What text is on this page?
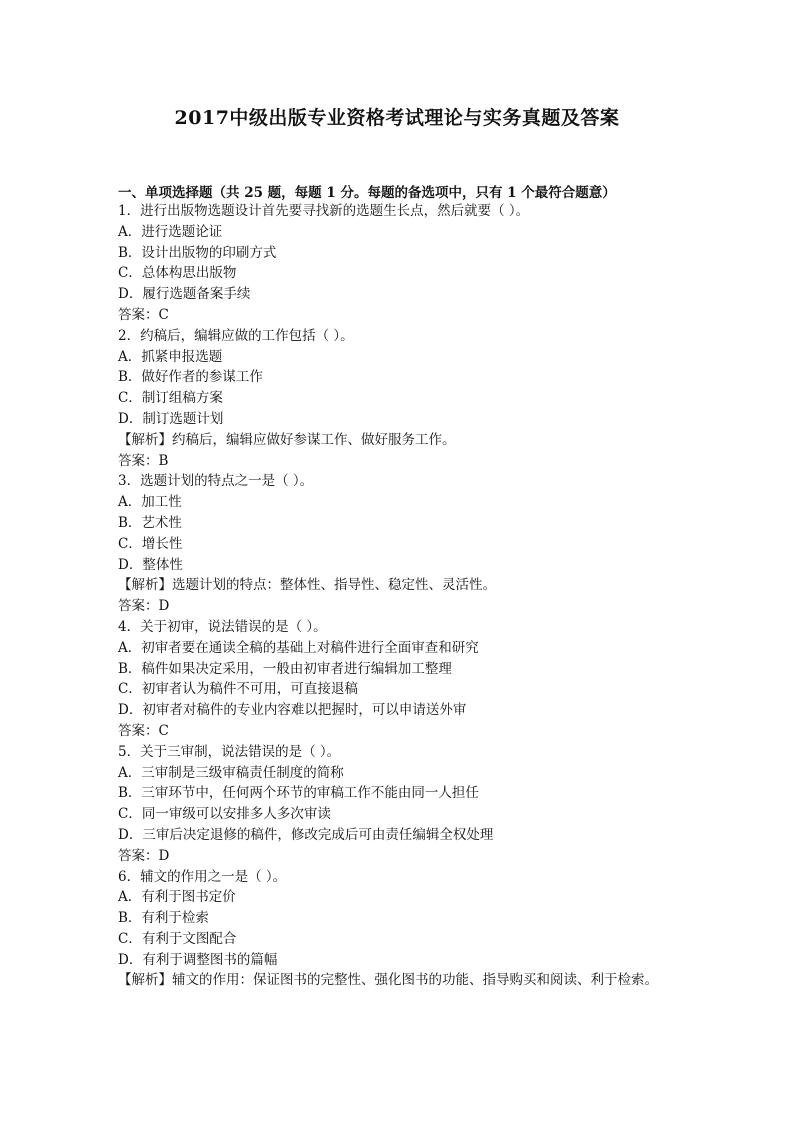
2017中级出版专业资格考试理论与实务真题及答案
一、单项选择题（共 25 题，每题 1 分。每题的备选项中，只有 1 个最符合题意）
1．进行出版物选题设计首先要寻找新的选题生长点，然后就要（ ）。
A．进行选题论证
B．设计出版物的印刷方式
C．总体构思出版物
D．履行选题备案手续
答案：C
2．约稿后，编辑应做的工作包括（ ）。
A．抓紧申报选题
B．做好作者的参谋工作
C．制订组稿方案
D．制订选题计划
【解析】约稿后，编辑应做好参谋工作、做好服务工作。
答案：B
3．选题计划的特点之一是（ ）。
A．加工性
B．艺术性
C．增长性
D．整体性
【解析】选题计划的特点：整体性、指导性、稳定性、灵活性。
答案：D
4．关于初审，说法错误的是（ ）。
A．初审者要在通读全稿的基础上对稿件进行全面审查和研究
B．稿件如果决定采用，一般由初审者进行编辑加工整理
C．初审者认为稿件不可用，可直接退稿
D．初审者对稿件的专业内容难以把握时，可以申请送外审
答案：C
5．关于三审制，说法错误的是（ ）。
A．三审制是三级审稿责任制度的简称
B．三审环节中，任何两个环节的审稿工作不能由同一人担任
C．同一审级可以安排多人多次审读
D．三审后决定退修的稿件，修改完成后可由责任编辑全权处理
答案：D
6．辅文的作用之一是（ ）。
A．有利于图书定价
B．有利于检索
C．有利于文图配合
D．有利于调整图书的篇幅
【解析】辅文的作用：保证图书的完整性、强化图书的功能、指导购买和阅读、利于检索。
